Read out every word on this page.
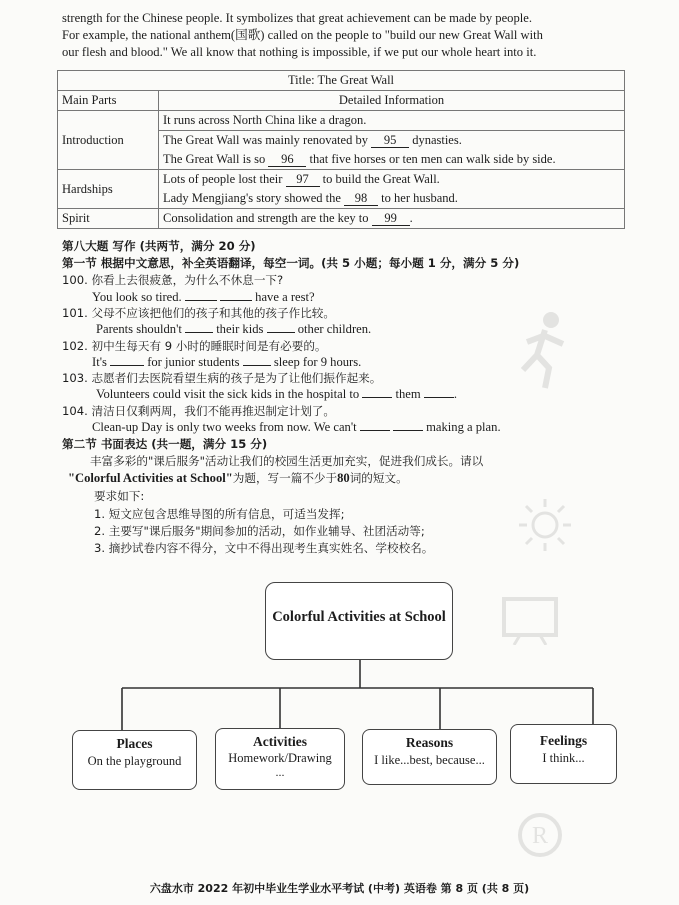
R
strength for the Chinese people. It symbolizes that great achievement can be made by people.
For example, the national anthem(国歌) called on the people to "build our new Great Wall with
our flesh and blood." We all know that nothing is impossible, if we put our whole heart into it.
Title: The Great Wall	
Main Parts	Detailed Information
Introduction	It runs across North China like a dragon.
	The Great Wall was mainly renovated by 95 dynasties.
	The Great Wall is so 96 that five horses or ten men can walk side by side.
Hardships	Lots of people lost their 97 to build the Great Wall.
	Lady Mengjiang's story showed the 98 to her husband.
Spirit	Consolidation and strength are the key to 99 .
第八大题 写作 (共两节，满分 20 分)
第一节 根据中文意思，补全英语翻译，每空一词。(共 5 小题；每小题 1 分，满分 5 分)
100. 你看上去很疲惫，为什么不休息一下?
You look so tired.	have a rest?
101. 父母不应该把他们的孩子和其他的孩子作比较。
Parents shouldn't	their kids	other children.
102. 初中生每天有 9 小时的睡眠时间是有必要的。
It's	for junior students	sleep for 9 hours.
103. 志愿者们去医院看望生病的孩子是为了让他们振作起来。
Volunteers could visit the sick kids in the hospital to	them	.
104. 清洁日仅剩两周，我们不能再推迟制定计划了。
Clean-up Day is only two weeks from now. We can't	making a plan.
第二节 书面表达 (共一题，满分 15 分)
丰富多彩的"课后服务"活动让我们的校园生活更加充实，促进我们成长。请以
"Colorful Activities at School"为题，写一篇不少于80词的短文。
要求如下:
1. 短文应包含思维导图的所有信息，可适当发挥;
2. 主要写"课后服务"期间参加的活动，如作业辅导、社团活动等;
3. 摘抄试卷内容不得分，文中不得出现考生真实姓名、学校校名。
Colorful Activities at School
Places
On the playground
Activities
Homework/Drawing
...
Reasons
I like...best, because...
Feelings
I think...
六盘水市 2022 年初中毕业生学业水平考试 (中考) 英语卷 第 8 页 (共 8 页)
